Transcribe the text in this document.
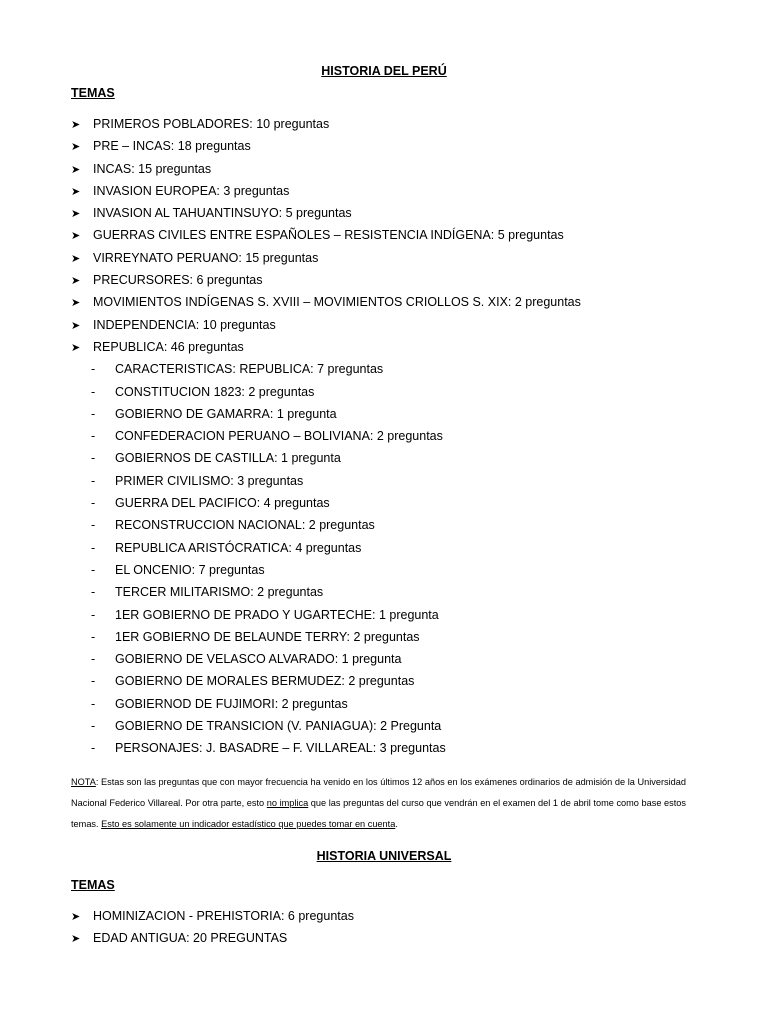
HISTORIA DEL PERÚ
TEMAS
➤ PRIMEROS POBLADORES: 10 preguntas
➤ PRE – INCAS: 18 preguntas
➤ INCAS: 15 preguntas
➤ INVASION EUROPEA: 3 preguntas
➤ INVASION AL TAHUANTINSUYO: 5 preguntas
➤ GUERRAS CIVILES ENTRE ESPAÑOLES – RESISTENCIA INDÍGENA: 5 preguntas
➤ VIRREYNATO PERUANO: 15 preguntas
➤ PRECURSORES: 6 preguntas
➤ MOVIMIENTOS INDÍGENAS S. XVIII – MOVIMIENTOS CRIOLLOS S. XIX: 2 preguntas
➤ INDEPENDENCIA: 10 preguntas
➤ REPUBLICA: 46 preguntas
- CARACTERISTICAS: REPUBLICA: 7 preguntas
- CONSTITUCION 1823: 2 preguntas
- GOBIERNO DE GAMARRA: 1 pregunta
- CONFEDERACION PERUANO – BOLIVIANA: 2 preguntas
- GOBIERNOS DE CASTILLA: 1 pregunta
- PRIMER CIVILISMO: 3 preguntas
- GUERRA DEL PACIFICO: 4 preguntas
- RECONSTRUCCION NACIONAL: 2 preguntas
- REPUBLICA ARISTÓCRATICA: 4 preguntas
- EL ONCENIO: 7 preguntas
- TERCER MILITARISMO: 2 preguntas
- 1ER GOBIERNO DE PRADO Y UGARTECHE: 1 pregunta
- 1ER GOBIERNO DE BELAUNDE TERRY: 2 preguntas
- GOBIERNO DE VELASCO ALVARADO: 1 pregunta
- GOBIERNO DE MORALES BERMUDEZ: 2 preguntas
- GOBIERNOD DE FUJIMORI: 2 preguntas
- GOBIERNO DE TRANSICION (V. PANIAGUA): 2 Pregunta
- PERSONAJES: J. BASADRE – F. VILLAREAL: 3 preguntas

NOTA: Estas son las preguntas que con mayor frecuencia ha venido en los últimos 12 años en los exámenes ordinarios de admisión de la Universidad Nacional Federico Villareal. Por otra parte, esto no implica que las preguntas del curso que vendrán en el examen del 1 de abril tome como base estos temas. Esto es solamente un indicador estadístico que puedes tomar en cuenta.

HISTORIA UNIVERSAL
TEMAS
➤ HOMINIZACION - PREHISTORIA: 6 preguntas
➤ EDAD ANTIGUA: 20 PREGUNTAS
